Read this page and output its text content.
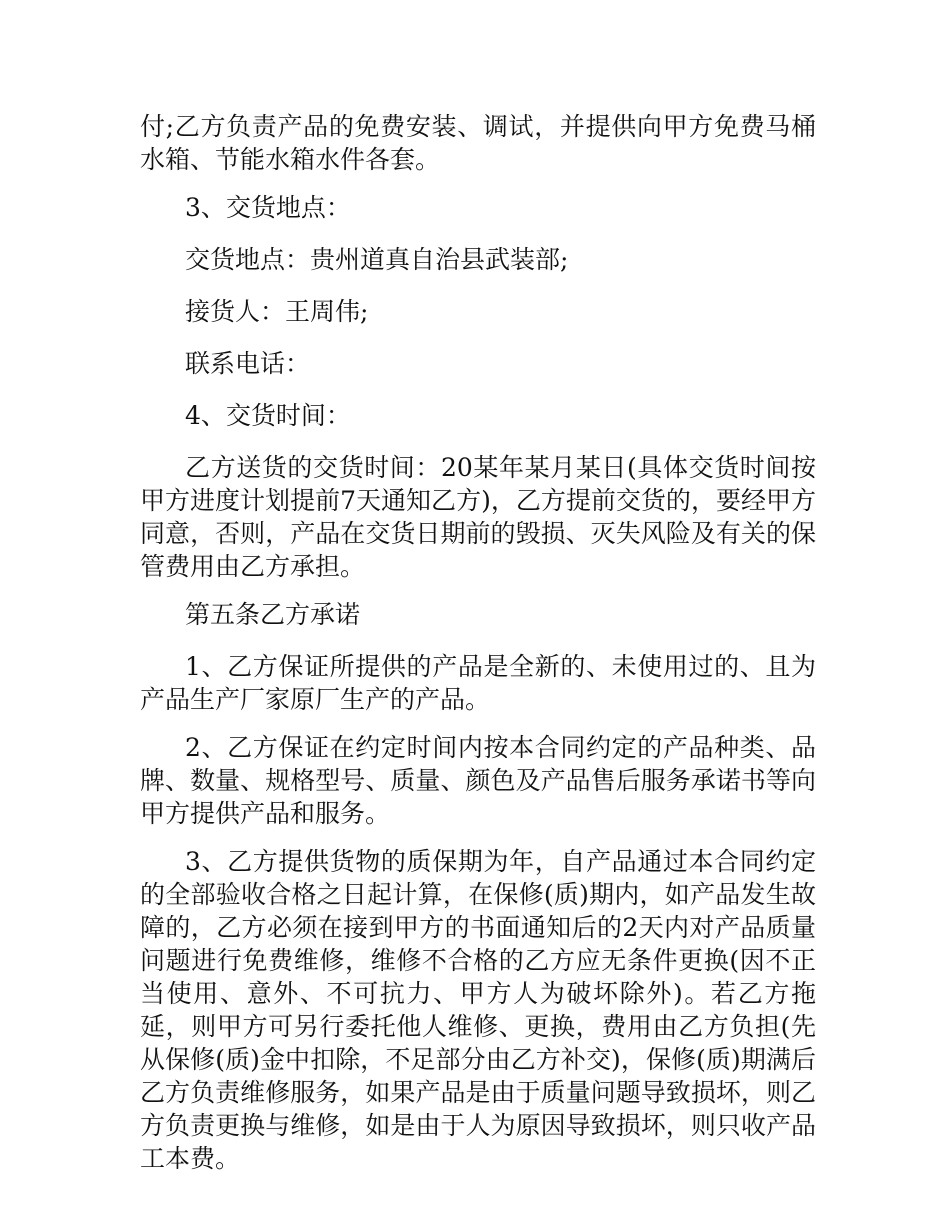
付;乙方负责产品的免费安装、调试，并提供向甲方免费马桶水箱、节能水箱水件各套。

3、交货地点：

交货地点：贵州道真自治县武装部;

接货人：王周伟;

联系电话：

4、交货时间：

乙方送货的交货时间：20某年某月某日(具体交货时间按甲方进度计划提前7天通知乙方)，乙方提前交货的，要经甲方同意，否则，产品在交货日期前的毁损、灭失风险及有关的保管费用由乙方承担。

第五条乙方承诺

1、乙方保证所提供的产品是全新的、未使用过的、且为产品生产厂家原厂生产的产品。

2、乙方保证在约定时间内按本合同约定的产品种类、品牌、数量、规格型号、质量、颜色及产品售后服务承诺书等向甲方提供产品和服务。

3、乙方提供货物的质保期为年，自产品通过本合同约定的全部验收合格之日起计算，在保修(质)期内，如产品发生故障的，乙方必须在接到甲方的书面通知后的2天内对产品质量问题进行免费维修，维修不合格的乙方应无条件更换(因不正当使用、意外、不可抗力、甲方人为破坏除外)。若乙方拖延，则甲方可另行委托他人维修、更换，费用由乙方负担(先从保修(质)金中扣除，不足部分由乙方补交)，保修(质)期满后乙方负责维修服务，如果产品是由于质量问题导致损坏，则乙方负责更换与维修，如是由于人为原因导致损坏，则只收产品工本费。
